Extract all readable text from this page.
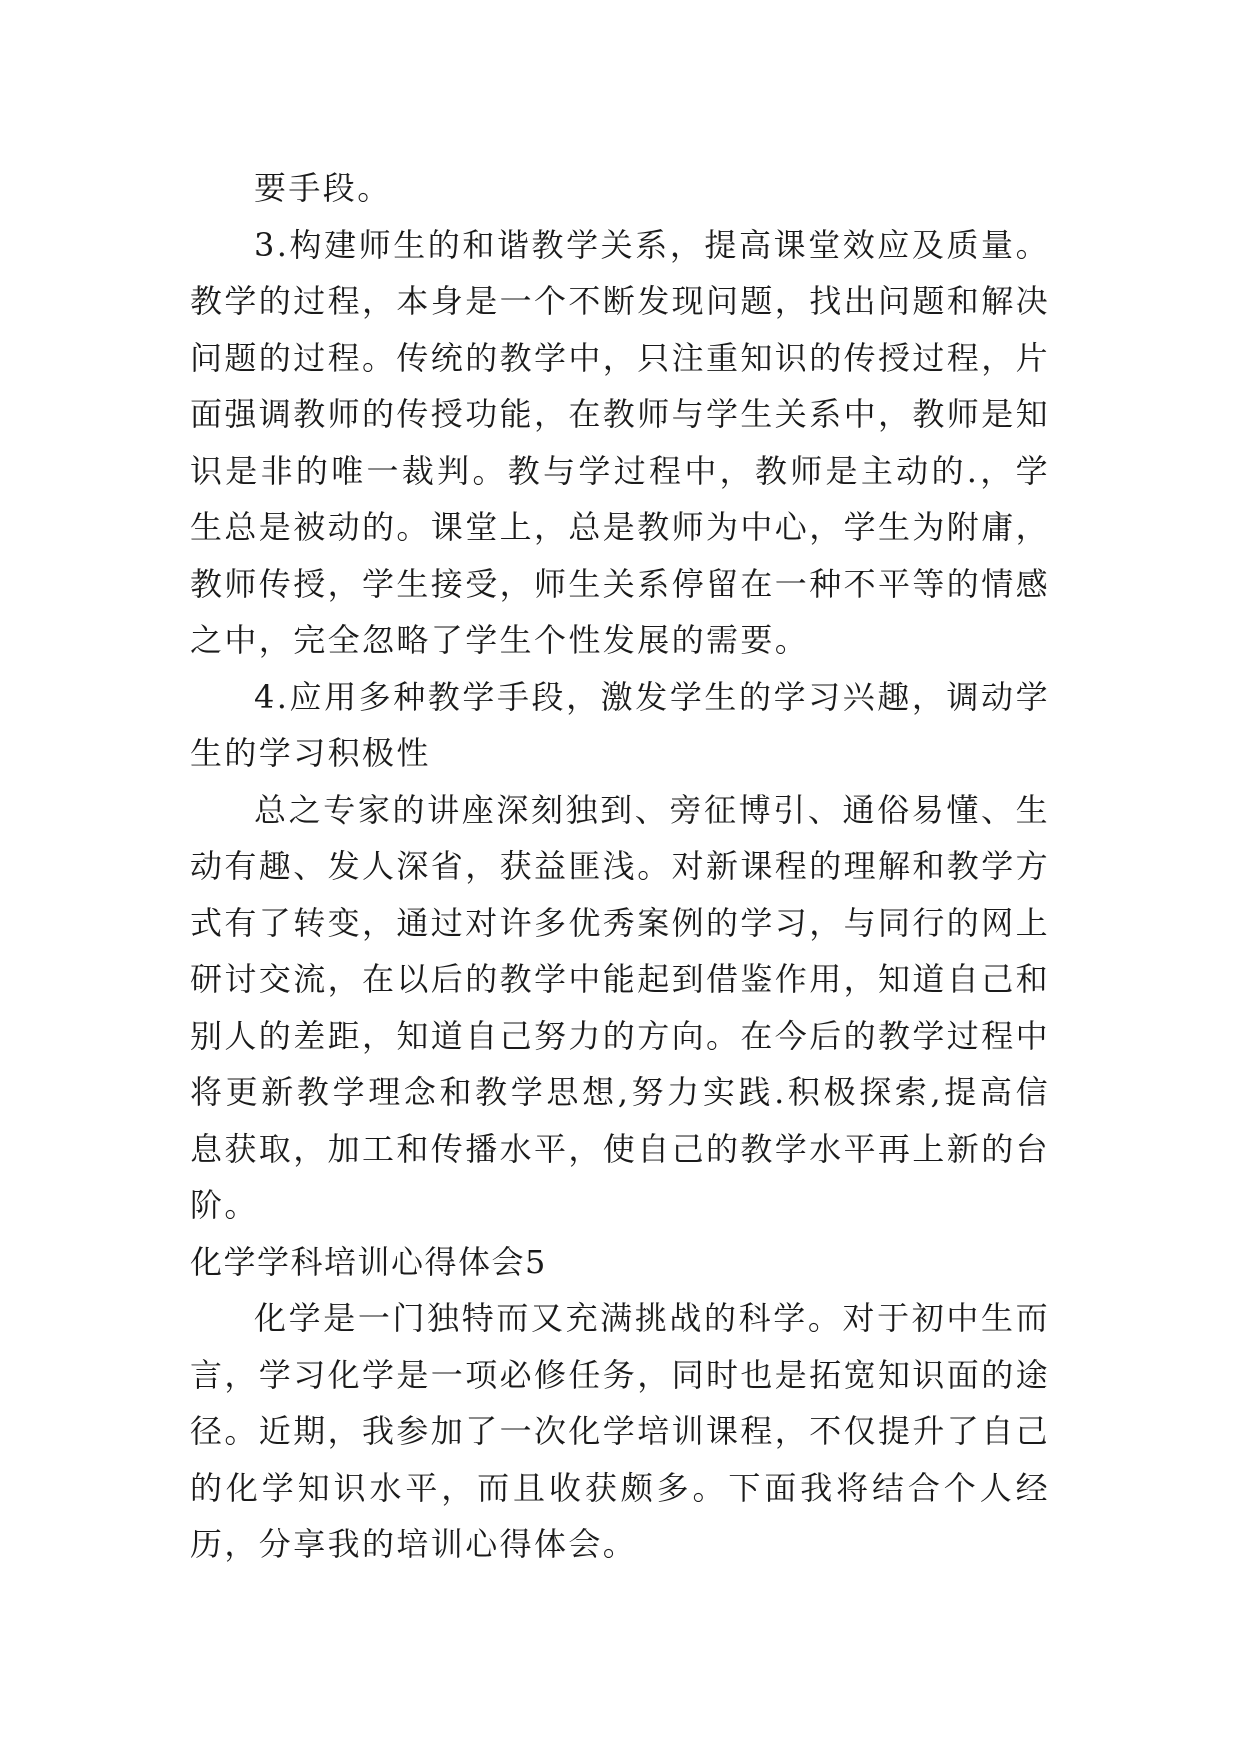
要手段。

3.构建师生的和谐教学关系，提高课堂效应及质量。教学的过程，本身是一个不断发现问题，找出问题和解决问题的过程。传统的教学中，只注重知识的传授过程，片面强调教师的传授功能，在教师与学生关系中，教师是知识是非的唯一裁判。教与学过程中，教师是主动的.，学生总是被动的。课堂上，总是教师为中心，学生为附庸，教师传授，学生接受，师生关系停留在一种不平等的情感之中，完全忽略了学生个性发展的需要。

4.应用多种教学手段，激发学生的学习兴趣，调动学生的学习积极性

总之专家的讲座深刻独到、旁征博引、通俗易懂、生动有趣、发人深省，获益匪浅。对新课程的理解和教学方式有了转变，通过对许多优秀案例的学习，与同行的网上研讨交流，在以后的教学中能起到借鉴作用，知道自己和别人的差距，知道自己努力的方向。在今后的教学过程中将更新教学理念和教学思想,努力实践.积极探索,提高信息获取，加工和传播水平，使自己的教学水平再上新的台阶。

化学学科培训心得体会5

化学是一门独特而又充满挑战的科学。对于初中生而言，学习化学是一项必修任务，同时也是拓宽知识面的途径。近期，我参加了一次化学培训课程，不仅提升了自己的化学知识水平，而且收获颇多。下面我将结合个人经历，分享我的培训心得体会。
